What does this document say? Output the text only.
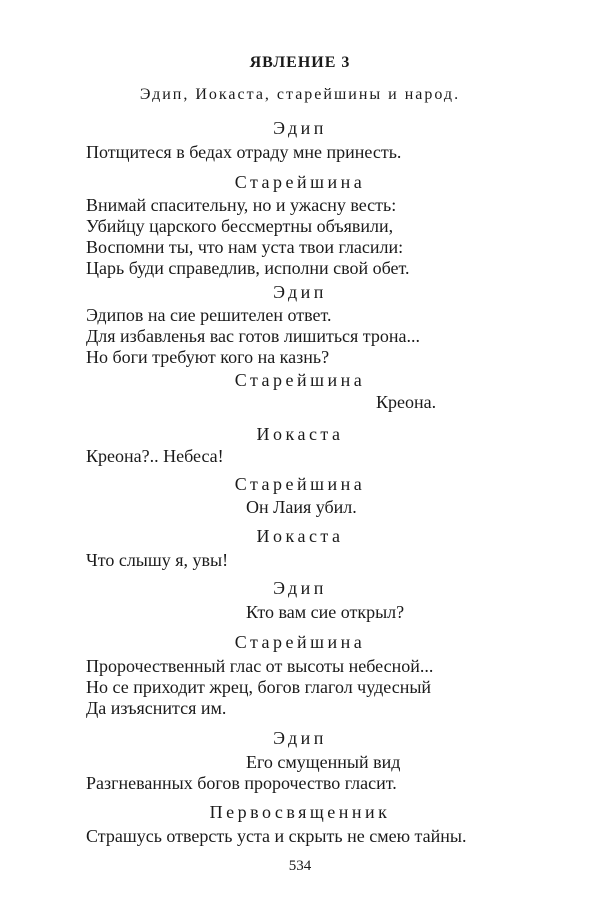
ЯВЛЕНИЕ 3
Эдип, Иокаста, старейшины и народ.
Эдип
Потщитеся в бедах отраду мне принесть.
Старейшина
Внимай спасительну, но и ужасну весть:
Убийцу царского бессмертны объявили,
Воспомни ты, что нам уста твои гласили:
Царь буди справедлив, исполни свой обет.
Эдип
Эдипов на сие решителен ответ.
Для избавленья вас готов лишиться трона...
Но боги требуют кого на казнь?
Старейшина
Креона.
Иокаста
Креона?.. Небеса!
Старейшина
Он Лаия убил.
Иокаста
Что слышу я, увы!
Эдип
Кто вам сие открыл?
Старейшина
Пророчественный глас от высоты небесной...
Но се приходит жрец, богов глагол чудесный
Да изъяснится им.
Эдип
Его смущенный вид
Разгневанных богов пророчество гласит.
Первосвященник
Страшусь отверсть уста и скрыть не смею тайны.
534
